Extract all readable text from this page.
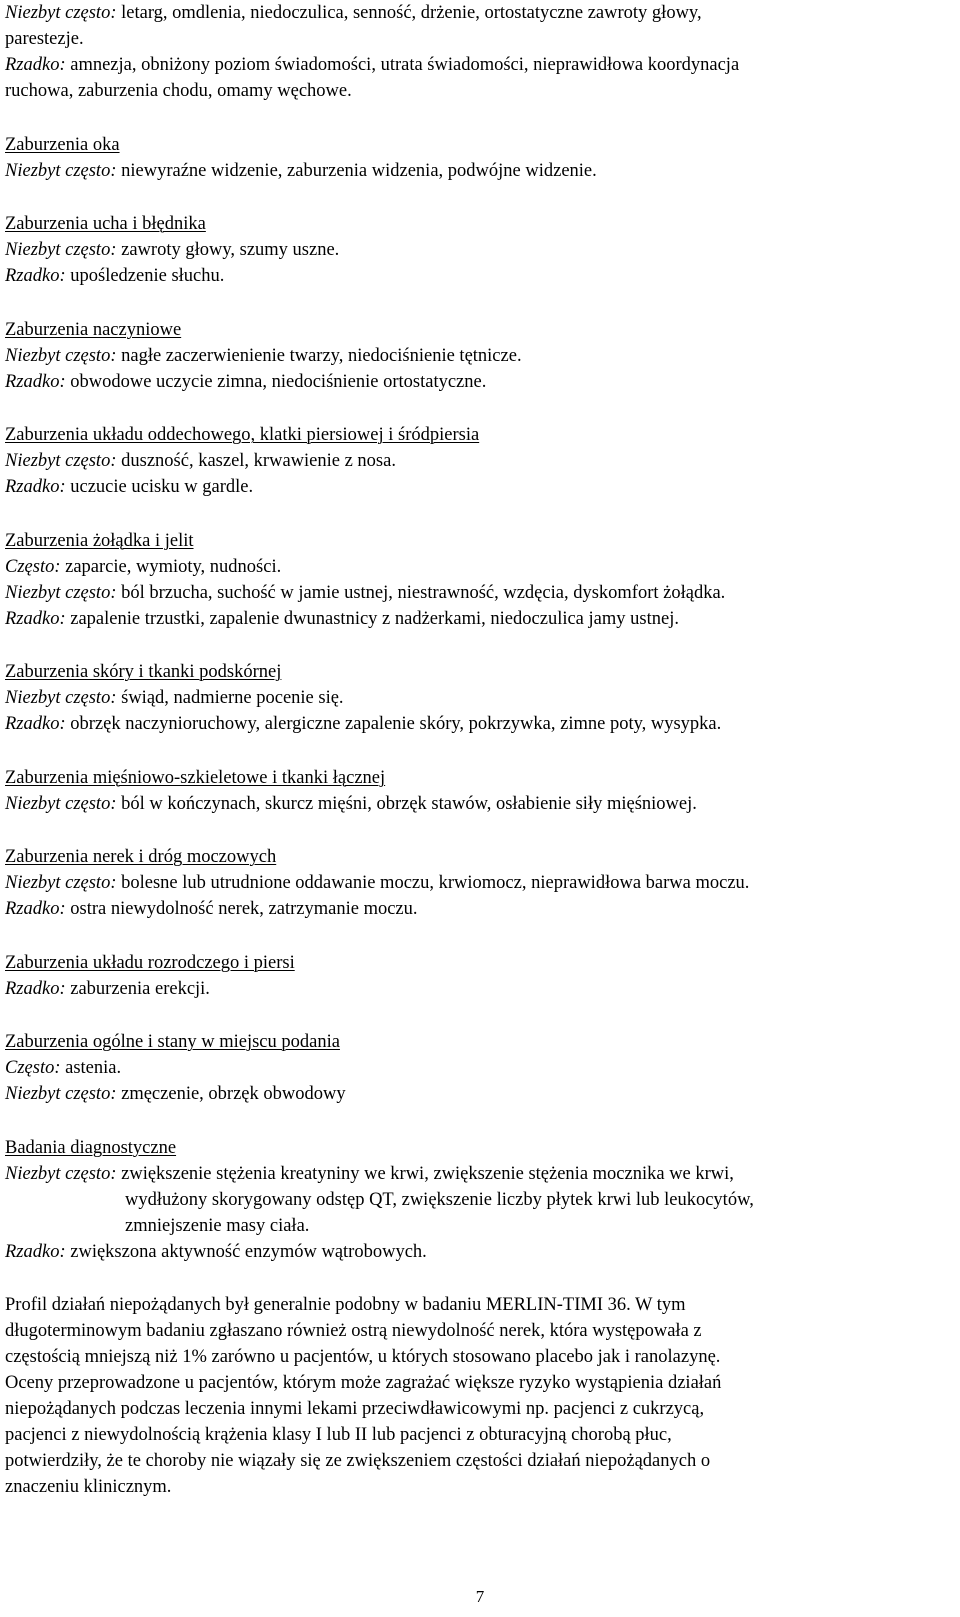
Niezbyt często: letarg, omdlenia, niedoczulica, senność, drżenie, ortostatyczne zawroty głowy,
parestezje.
Rzadko: amnezja, obniżony poziom świadomości, utrata świadomości, nieprawidłowa koordynacja
ruchowa, zaburzenia chodu, omamy węchowe.
Zaburzenia oka
Niezbyt często: niewyraźne widzenie, zaburzenia widzenia, podwójne widzenie.
Zaburzenia ucha i błędnika
Niezbyt często: zawroty głowy, szumy uszne.
Rzadko: upośledzenie słuchu.
Zaburzenia naczyniowe
Niezbyt często: nagłe zaczerwienienie twarzy, niedociśnienie tętnicze.
Rzadko: obwodowe uczycie zimna, niedociśnienie ortostatyczne.
Zaburzenia układu oddechowego, klatki piersiowej i śródpiersia
Niezbyt często: duszność, kaszel, krwawienie z nosa.
Rzadko: uczucie ucisku w gardle.
Zaburzenia żołądka i jelit
Często: zaparcie, wymioty, nudności.
Niezbyt często: ból brzucha, suchość w jamie ustnej, niestrawność, wzdęcia, dyskomfort żołądka.
Rzadko: zapalenie trzustki, zapalenie dwunastnicy z nadżerkami, niedoczulica jamy ustnej.
Zaburzenia skóry i tkanki podskórnej
Niezbyt często: świąd, nadmierne pocenie się.
Rzadko: obrzęk naczynioruchowy, alergiczne zapalenie skóry, pokrzywka, zimne poty, wysypka.
Zaburzenia mięśniowo-szkieletowe i tkanki łącznej
Niezbyt często: ból w kończynach, skurcz mięśni, obrzęk stawów, osłabienie siły mięśniowej.
Zaburzenia nerek i dróg moczowych
Niezbyt często: bolesne lub utrudnione oddawanie moczu, krwiomocz, nieprawidłowa barwa moczu.
Rzadko: ostra niewydolność nerek, zatrzymanie moczu.
Zaburzenia układu rozrodczego i piersi
Rzadko: zaburzenia erekcji.
Zaburzenia ogólne i stany w miejscu podania
Często: astenia.
Niezbyt często: zmęczenie, obrzęk obwodowy
Badania diagnostyczne
Niezbyt często: zwiększenie stężenia kreatyniny we krwi, zwiększenie stężenia mocznika we krwi,
wydłużony skorygowany odstęp QT, zwiększenie liczby płytek krwi lub leukocytów,
zmniejszenie masy ciała.
Rzadko: zwiększona aktywność enzymów wątrobowych.
Profil działań niepożądanych był generalnie podobny w badaniu MERLIN-TIMI 36. W tym
długoterminowym badaniu zgłaszano również ostrą niewydolność nerek, która występowała z
częstością mniejszą niż 1% zarówno u pacjentów, u których stosowano placebo jak i ranolazynę.
Oceny przeprowadzone u pacjentów, którym może zagrażać większe ryzyko wystąpienia działań
niepożądanych podczas leczenia innymi lekami przeciwdławicowymi np. pacjenci z cukrzycą,
pacjenci z niewydolnością krążenia klasy I lub II lub pacjenci z obturacyjną chorobą płuc,
potwierdziły, że te choroby nie wiązały się ze zwiększeniem częstości działań niepożądanych o
znaczeniu klinicznym.
7
